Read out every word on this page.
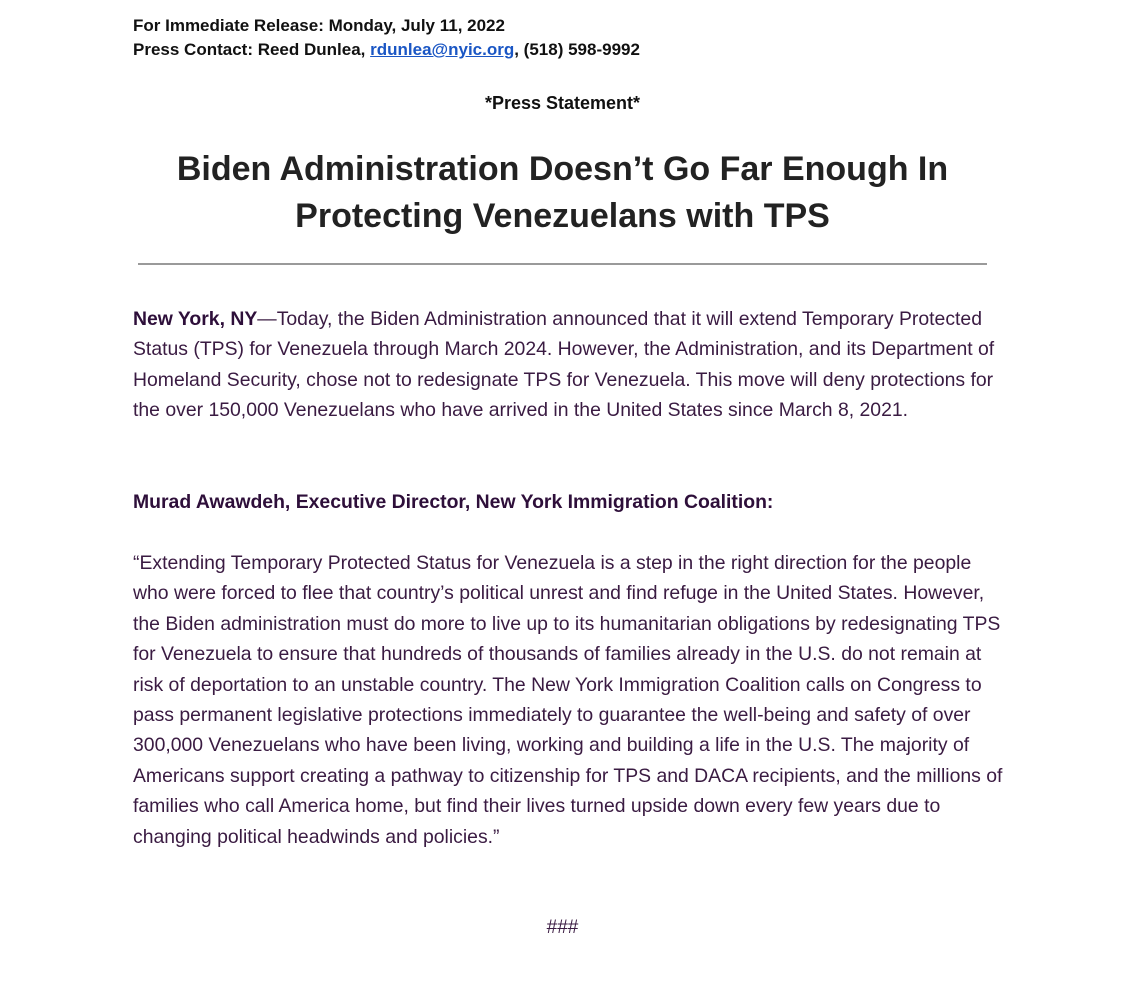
For Immediate Release: Monday, July 11, 2022
Press Contact: Reed Dunlea, rdunlea@nyic.org, (518) 598-9992
*Press Statement*
Biden Administration Doesn’t Go Far Enough In Protecting Venezuelans with TPS

New York, NY—Today, the Biden Administration announced that it will extend Temporary Protected Status (TPS) for Venezuela through March 2024. However, the Administration, and its Department of Homeland Security, chose not to redesignate TPS for Venezuela. This move will deny protections for the over 150,000 Venezuelans who have arrived in the United States since March 8, 2021.

Murad Awawdeh, Executive Director, New York Immigration Coalition:

“Extending Temporary Protected Status for Venezuela is a step in the right direction for the people who were forced to flee that country’s political unrest and find refuge in the United States. However, the Biden administration must do more to live up to its humanitarian obligations by redesignating TPS for Venezuela to ensure that hundreds of thousands of families already in the U.S. do not remain at risk of deportation to an unstable country. The New York Immigration Coalition calls on Congress to pass permanent legislative protections immediately to guarantee the well-being and safety of over 300,000 Venezuelans who have been living, working and building a life in the U.S. The majority of Americans support creating a pathway to citizenship for TPS and DACA recipients, and the millions of families who call America home, but find their lives turned upside down every few years due to changing political headwinds and policies.”

###
